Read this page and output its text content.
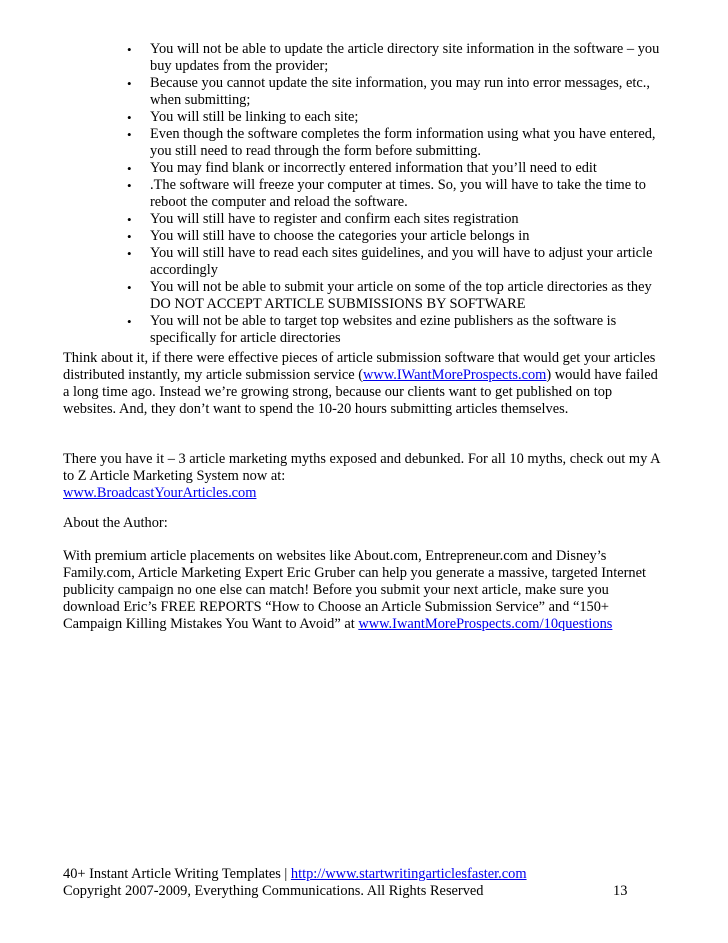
• You will not be able to update the article directory site information in the software – you buy updates from the provider;
• Because you cannot update the site information, you may run into error messages, etc., when submitting;
• You will still be linking to each site;
• Even though the software completes the form information using what you have entered, you still need to read through the form before submitting.
• You may find blank or incorrectly entered information that you’ll need to edit
• .The software will freeze your computer at times. So, you will have to take the time to reboot the computer and reload the software.
• You will still have to register and confirm each sites registration
• You will still have to choose the categories your article belongs in
• You will still have to read each sites guidelines, and you will have to adjust your article accordingly
• You will not be able to submit your article on some of the top article directories as they DO NOT ACCEPT ARTICLE SUBMISSIONS BY SOFTWARE
• You will not be able to target top websites and ezine publishers as the software is specifically for article directories

Think about it, if there were effective pieces of article submission software that would get your articles distributed instantly, my article submission service (www.IWantMoreProspects.com) would have failed a long time ago. Instead we’re growing strong, because our clients want to get published on top websites. And, they don’t want to spend the 10-20 hours submitting articles themselves.

There you have it – 3 article marketing myths exposed and debunked. For all 10 myths, check out my A to Z Article Marketing System now at:
www.BroadcastYourArticles.com

About the Author:

With premium article placements on websites like About.com, Entrepreneur.com and Disney’s Family.com, Article Marketing Expert Eric Gruber can help you generate a massive, targeted Internet publicity campaign no one else can match! Before you submit your next article, make sure you download Eric’s FREE REPORTS “How to Choose an Article Submission Service” and “150+ Campaign Killing Mistakes You Want to Avoid” at www.IwantMoreProspects.com/10questions

40+ Instant Article Writing Templates | http://www.startwritingarticlesfaster.com
Copyright 2007-2009, Everything Communications. All Rights Reserved	13
